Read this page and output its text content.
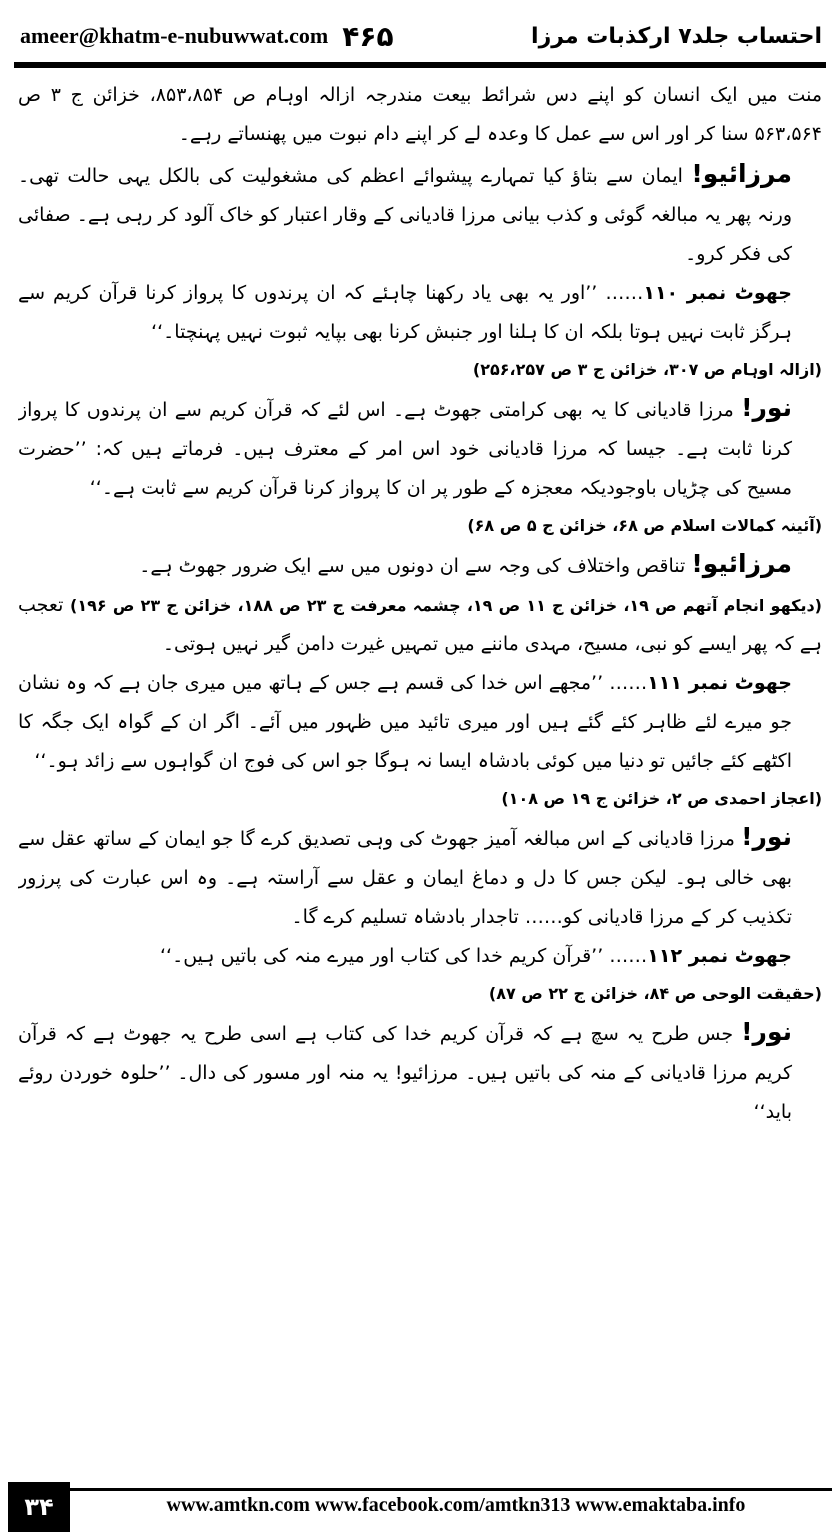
ameer@khatm-e-nubuwwat.com ۴۶۵	احتساب جلد۷ ارکذبات مرزا

منت میں ایک انسان کو اپنے دس شرائط بیعت مندرجہ ازالہ اوہام ص ۸۵۳،۸۵۴، خزائن ج ۳ ص ۵۶۳،۵۶۴ سنا کر اور اس سے عمل کا وعدہ لے کر اپنے دام نبوت میں پھنساتے رہے۔

مرزائیو! ایمان سے بتاؤ کیا تمہارے پیشوائے اعظم کی مشغولیت کی بالکل یہی حالت تھی۔ ورنہ پھر یہ مبالغہ گوئی و کذب بیانی مرزا قادیانی کے وقار اعتبار کو خاک آلود کر رہی ہے۔ صفائی کی فکر کرو۔

جھوٹ نمبر ۱۱۰…… ’’اور یہ بھی یاد رکھنا چاہئے کہ ان پرندوں کا پرواز کرنا قرآن کریم سے ہرگز ثابت نہیں ہوتا بلکہ ان کا ہلنا اور جنبش کرنا بھی بپایہ ثبوت نہیں پہنچتا۔‘‘

(ازالہ اوہام ص ۳۰۷، خزائن ج ۳ ص ۲۵۶،۲۵۷)

نور! مرزا قادیانی کا یہ بھی کرامتی جھوٹ ہے۔ اس لئے کہ قرآن کریم سے ان پرندوں کا پرواز کرنا ثابت ہے۔ جیسا کہ مرزا قادیانی خود اس امر کے معترف ہیں۔ فرماتے ہیں کہ: ’’حضرت مسیح کی چڑیاں باوجودیکہ معجزہ کے طور پر ان کا پرواز کرنا قرآن کریم سے ثابت ہے۔‘‘

(آئینہ کمالات اسلام ص ۶۸، خزائن ج ۵ ص ۶۸)

مرزائیو! تناقص واختلاف کی وجہ سے ان دونوں میں سے ایک ضرور جھوٹ ہے۔

(دیکھو انجام آتھم ص ۱۹، خزائن ج ۱۱ ص ۱۹، چشمہ معرفت ج ۲۳ ص ۱۸۸، خزائن ج ۲۳ ص ۱۹۶) تعجب ہے کہ پھر ایسے کو نبی، مسیح، مہدی ماننے میں تمہیں غیرت دامن گیر نہیں ہوتی۔

جھوٹ نمبر ۱۱۱…… ’’مجھے اس خدا کی قسم ہے جس کے ہاتھ میں میری جان ہے کہ وہ نشان جو میرے لئے ظاہر کئے گئے ہیں اور میری تائید میں ظہور میں آئے۔ اگر ان کے گواہ ایک جگہ کا اکٹھے کئے جائیں تو دنیا میں کوئی بادشاہ ایسا نہ ہوگا جو اس کی فوج ان گواہوں سے زائد ہو۔‘‘

(اعجاز احمدی ص ۲، خزائن ج ۱۹ ص ۱۰۸)

نور! مرزا قادیانی کے اس مبالغہ آمیز جھوٹ کی وہی تصدیق کرے گا جو ایمان کے ساتھ عقل سے بھی خالی ہو۔ لیکن جس کا دل و دماغ ایمان و عقل سے آراستہ ہے۔ وہ اس عبارت کی پرزور تکذیب کر کے مرزا قادیانی کو…… تاجدار بادشاہ تسلیم کرے گا۔

جھوٹ نمبر ۱۱۲…… ’’قرآن کریم خدا کی کتاب اور میرے منہ کی باتیں ہیں۔‘‘

(حقیقت الوحی ص ۸۴، خزائن ج ۲۲ ص ۸۷)

نور! جس طرح یہ سچ ہے کہ قرآن کریم خدا کی کتاب ہے اسی طرح یہ جھوٹ ہے کہ قرآن کریم مرزا قادیانی کے منہ کی باتیں ہیں۔ مرزائیو! یہ منہ اور مسور کی دال۔ ’’حلوہ خوردن روئے باید‘‘

۳۴	www.amtkn.com www.facebook.com/amtkn313 www.emaktaba.info
